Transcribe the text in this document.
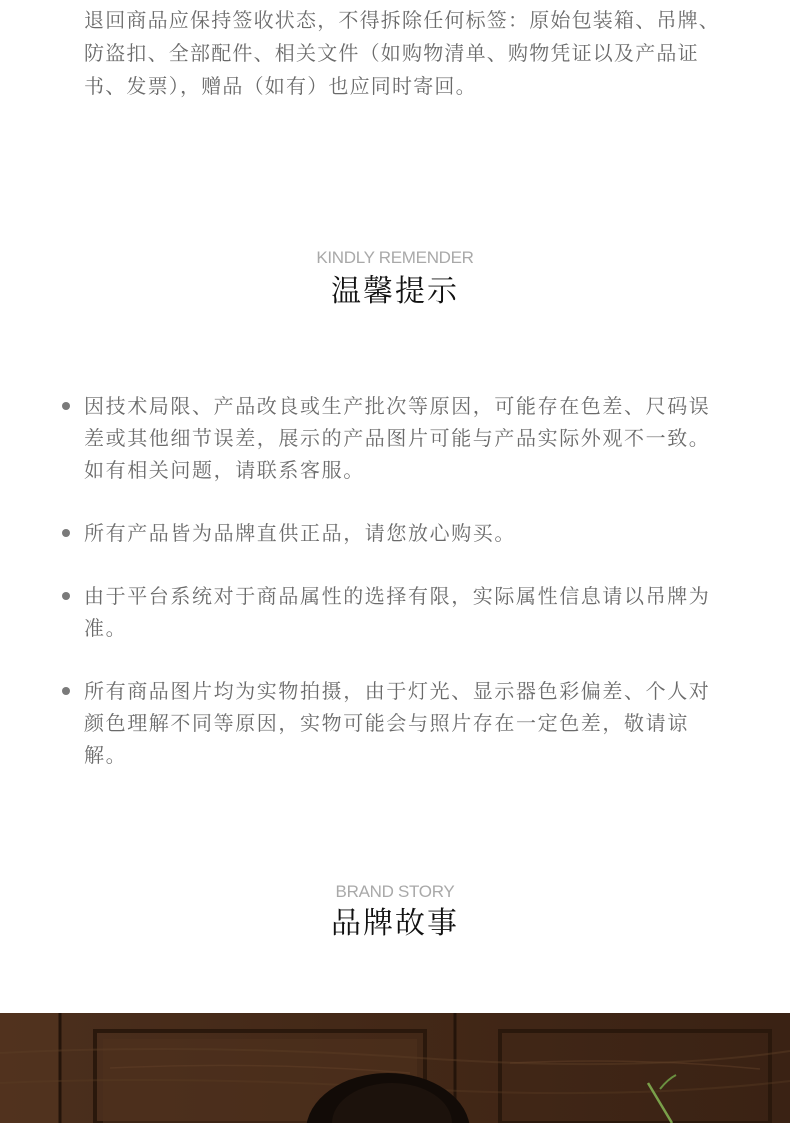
退回商品应保持签收状态，不得拆除任何标签：原始包装箱、吊牌、防盗扣、全部配件、相关文件（如购物清单、购物凭证以及产品证书、发票），赠品（如有）也应同时寄回。

KINDLY REMENDER
温馨提示
因技术局限、产品改良或生产批次等原因，可能存在色差、尺码误差或其他细节误差，展示的产品图片可能与产品实际外观不一致。如有相关问题，请联系客服。
所有产品皆为品牌直供正品，请您放心购买。
由于平台系统对于商品属性的选择有限，实际属性信息请以吊牌为准。
所有商品图片均为实物拍摄，由于灯光、显示器色彩偏差、个人对颜色理解不同等原因，实物可能会与照片存在一定色差，敬请谅解。
BRAND STORY
品牌故事
